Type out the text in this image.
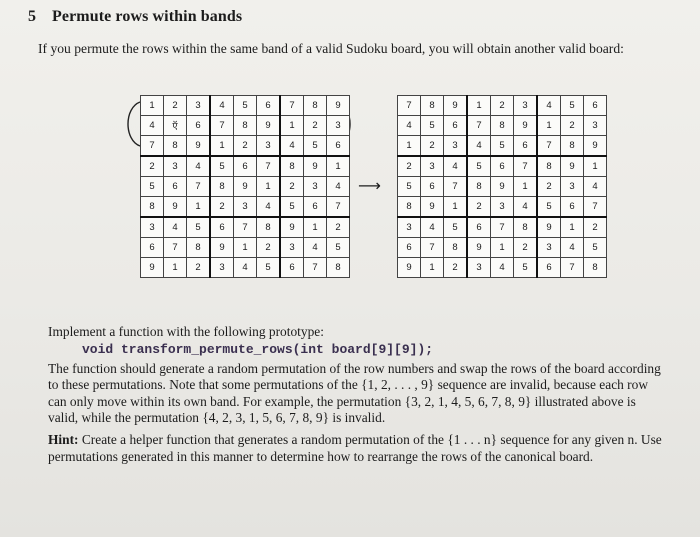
5 Permute rows within bands
If you permute the rows within the same band of a valid Sudoku board, you will obtain another valid board:
1	2	3	4	5	6	7	8	9
4	ऍ	6	7	8	9	1	2	3
7	8	9	1	2	3	4	5	6
2	3	4	5	6	7	8	9	1
5	6	7	8	9	1	2	3	4
8	9	1	2	3	4	5	6	7
3	4	5	6	7	8	9	1	2
6	7	8	9	1	2	3	4	5
9	1	2	3	4	5	6	7	8
⟶
7	8	9	1	2	3	4	5	6
4	5	6	7	8	9	1	2	3
1	2	3	4	5	6	7	8	9
2	3	4	5	6	7	8	9	1
5	6	7	8	9	1	2	3	4
8	9	1	2	3	4	5	6	7
3	4	5	6	7	8	9	1	2
6	7	8	9	1	2	3	4	5
9	1	2	3	4	5	6	7	8

Implement a function with the following prototype:

void transform_permute_rows(int board[9][9]);

The function should generate a random permutation of the row numbers and swap the rows of the board according to these permutations. Note that some permutations of the {1, 2, . . . , 9} sequence are invalid, because each row can only move within its own band. For example, the permutation {3, 2, 1, 4, 5, 6, 7, 8, 9} illustrated above is valid, while the permutation {4, 2, 3, 1, 5, 6, 7, 8, 9} is invalid.

Hint: Create a helper function that generates a random permutation of the {1 . . . n} sequence for any given n. Use permutations generated in this manner to determine how to rearrange the rows of the canonical board.
